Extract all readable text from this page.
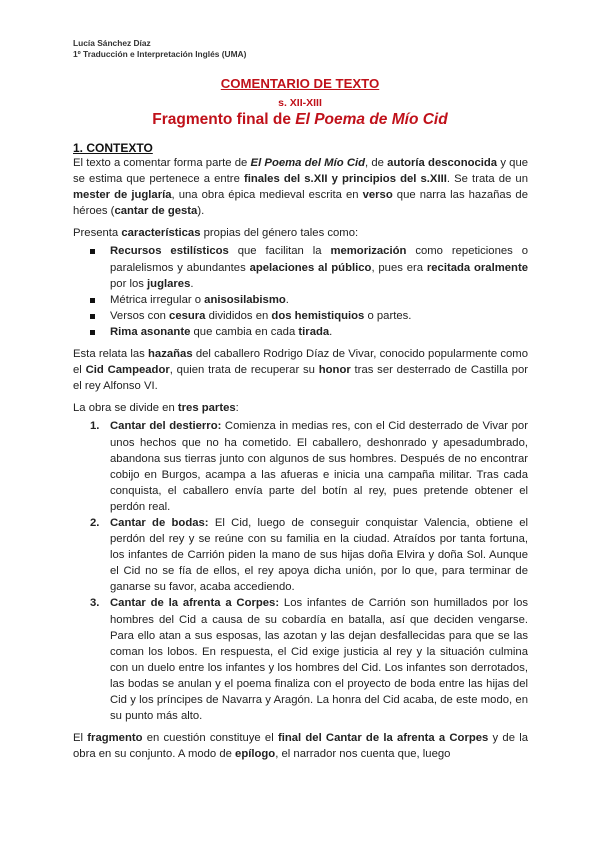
Lucía Sánchez Díaz
1º Traducción e Interpretación Inglés (UMA)
COMENTARIO DE TEXTO
s. XII-XIII
Fragmento final de El Poema de Mío Cid
1. CONTEXTO

El texto a comentar forma parte de El Poema del Mío Cid, de autoría desconocida y que se estima que pertenece a entre finales del s.XII y principios del s.XIII. Se trata de un mester de juglaría, una obra épica medieval escrita en verso que narra las hazañas de héroes (cantar de gesta).

Presenta características propias del género tales como:

Recursos estilísticos que facilitan la memorización como repeticiones o paralelismos y abundantes apelaciones al público, pues era recitada oralmente por los juglares.
Métrica irregular o anisosilabismo.
Versos con cesura divididos en dos hemistiquios o partes.
Rima asonante que cambia en cada tirada.

Esta relata las hazañas del caballero Rodrigo Díaz de Vivar, conocido popularmente como el Cid Campeador, quien trata de recuperar su honor tras ser desterrado de Castilla por el rey Alfonso VI.

La obra se divide en tres partes:

1. Cantar del destierro: Comienza in medias res, con el Cid desterrado de Vivar por unos hechos que no ha cometido. El caballero, deshonrado y apesadumbrado, abandona sus tierras junto con algunos de sus hombres. Después de no encontrar cobijo en Burgos, acampa a las afueras e inicia una campaña militar. Tras cada conquista, el caballero envía parte del botín al rey, pues pretende obtener el perdón real.
2. Cantar de bodas: El Cid, luego de conseguir conquistar Valencia, obtiene el perdón del rey y se reúne con su familia en la ciudad. Atraídos por tanta fortuna, los infantes de Carrión piden la mano de sus hijas doña Elvira y doña Sol. Aunque el Cid no se fía de ellos, el rey apoya dicha unión, por lo que, para terminar de ganarse su favor, acaba accediendo.
3. Cantar de la afrenta a Corpes: Los infantes de Carrión son humillados por los hombres del Cid a causa de su cobardía en batalla, así que deciden vengarse. Para ello atan a sus esposas, las azotan y las dejan desfallecidas para que se las coman los lobos. En respuesta, el Cid exige justicia al rey y la situación culmina con un duelo entre los infantes y los hombres del Cid. Los infantes son derrotados, las bodas se anulan y el poema finaliza con el proyecto de boda entre las hijas del Cid y los príncipes de Navarra y Aragón. La honra del Cid acaba, de este modo, en su punto más alto.

El fragmento en cuestión constituye el final del Cantar de la afrenta a Corpes y de la obra en su conjunto. A modo de epílogo, el narrador nos cuenta que, luego
